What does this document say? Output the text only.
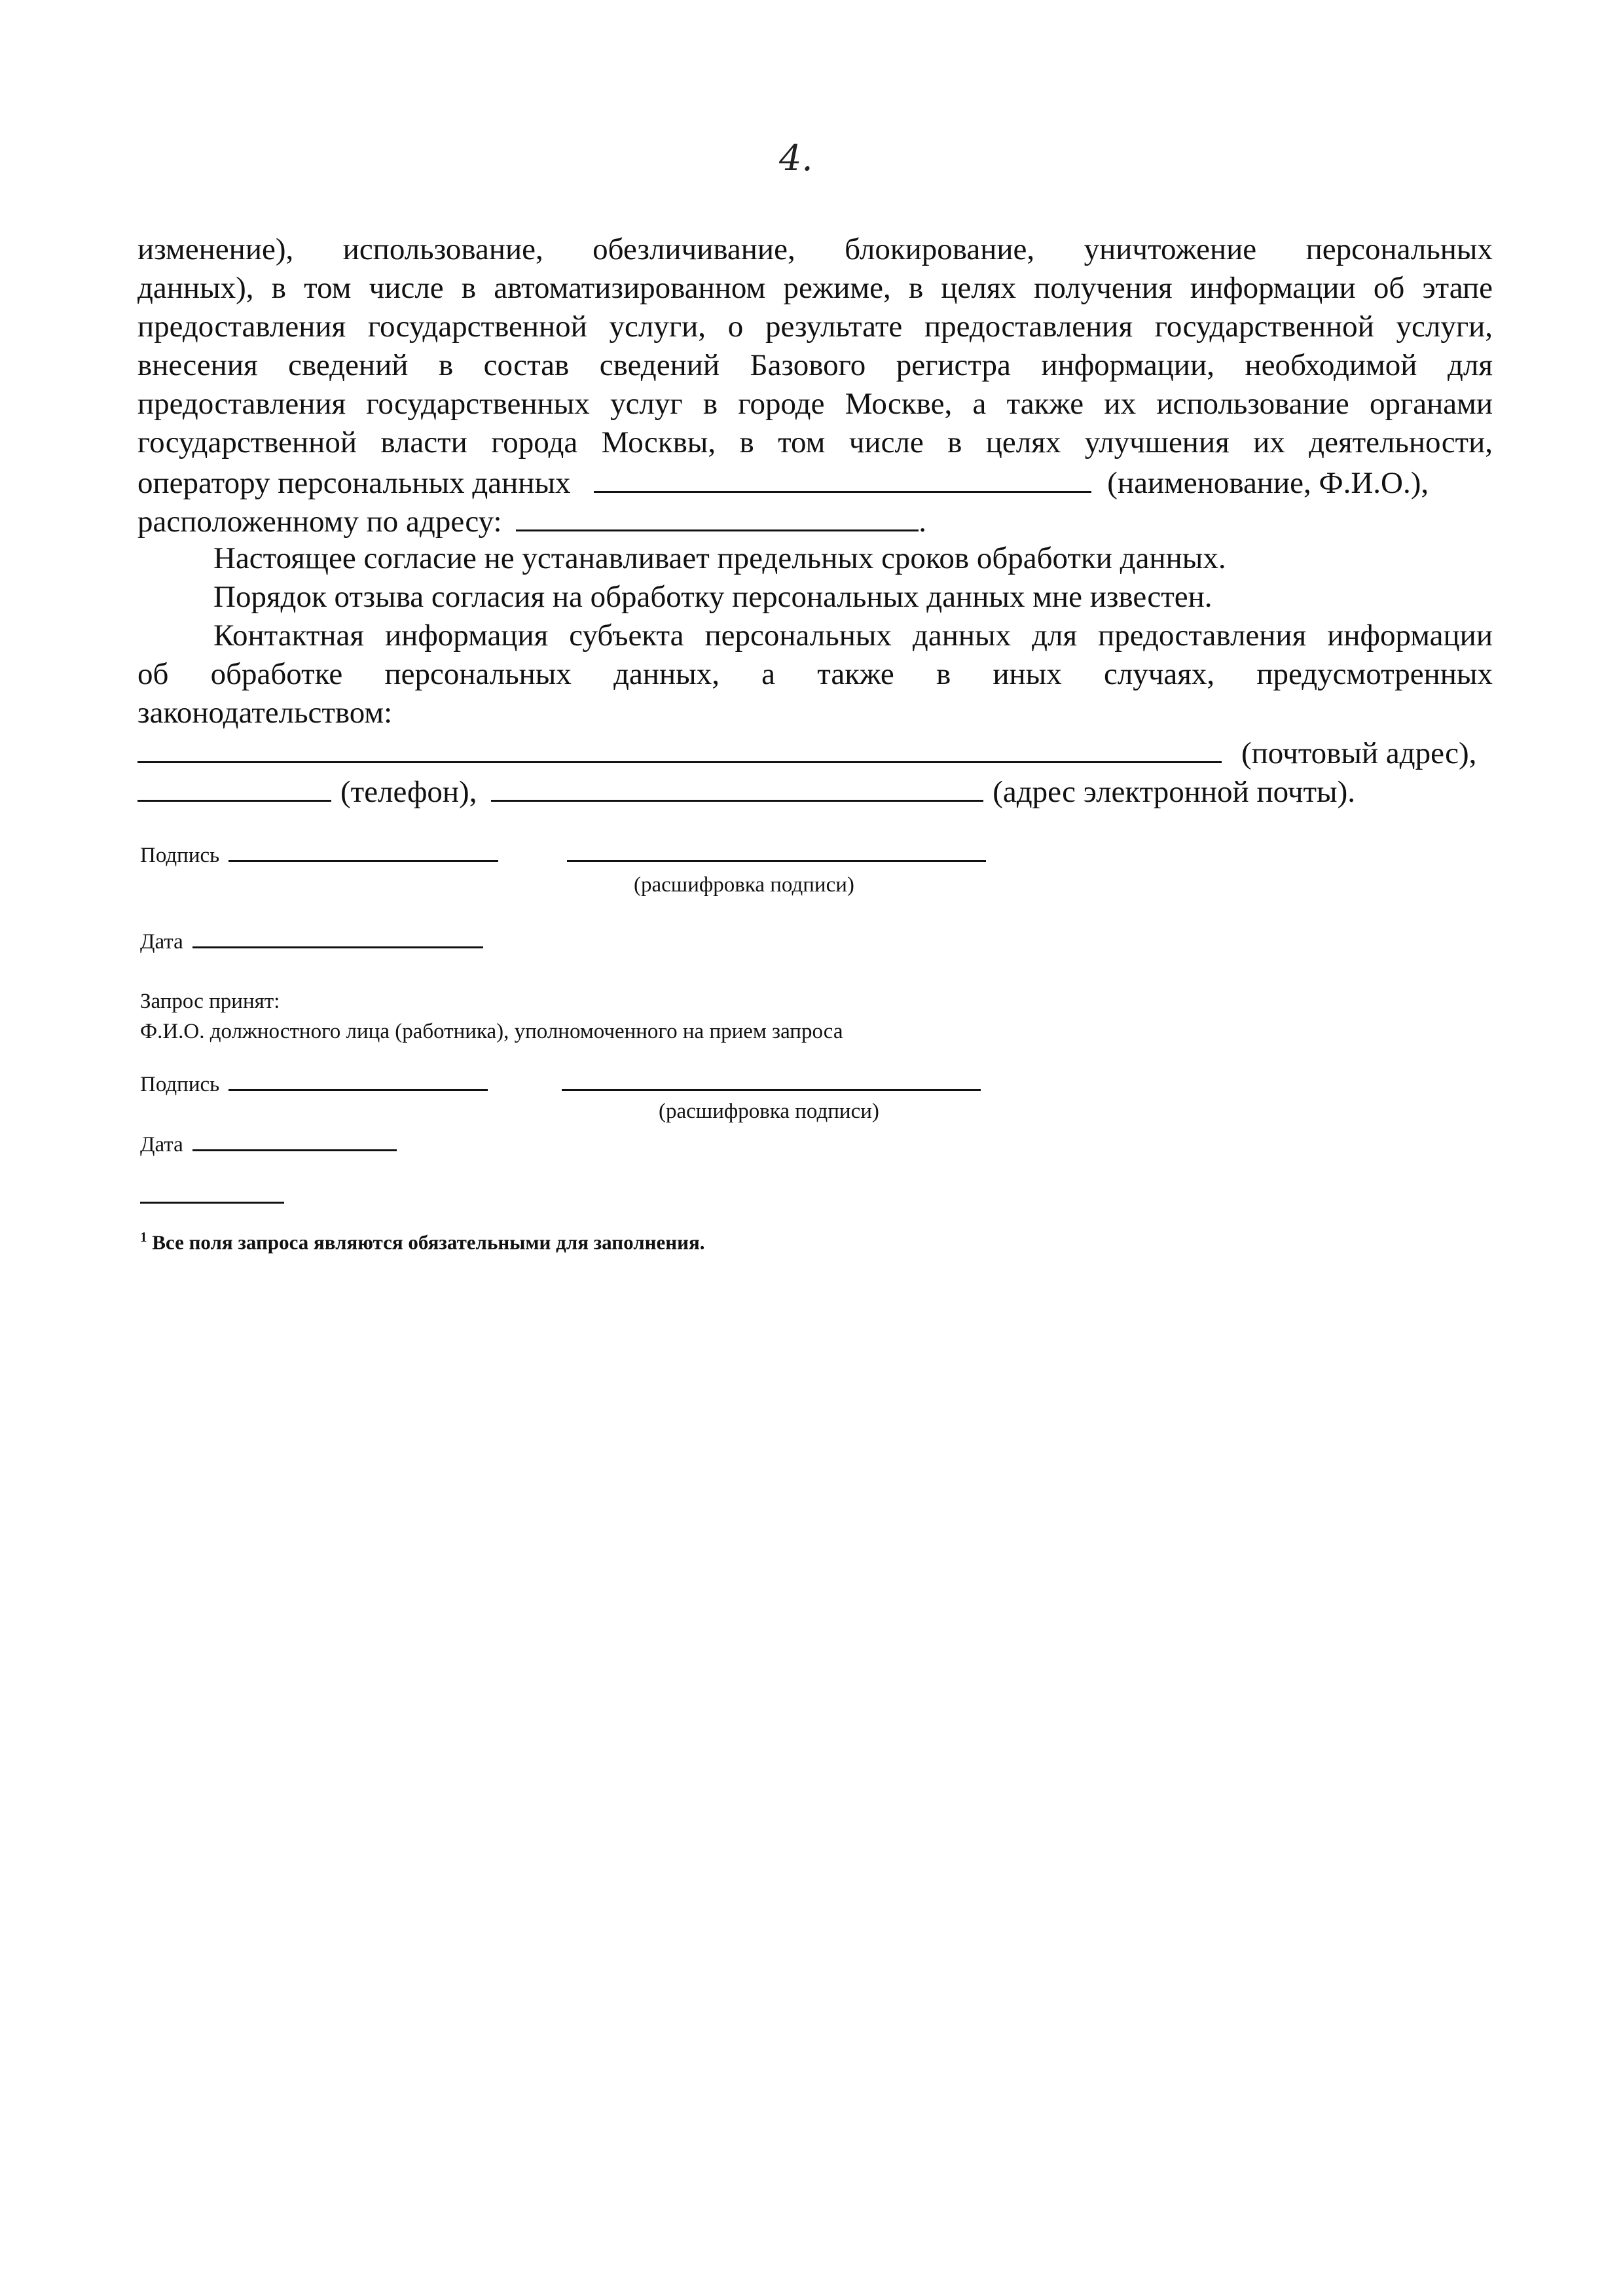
4.
изменение), использование, обезличивание, блокирование, уничтожение персональных
данных), в том числе в автоматизированном режиме, в целях получения информации об этапе
предоставления государственной услуги, о результате предоставления государственной услуги,
внесения сведений в состав сведений Базового регистра информации, необходимой для
предоставления государственных услуг в городе Москве, а также их использование органами
государственной власти города Москвы, в том числе в целях улучшения их деятельности,
оператору персональных данных	(наименование, Ф.И.О.),
расположенному по адресу:	.
Настоящее согласие не устанавливает предельных сроков обработки данных.
Порядок отзыва согласия на обработку персональных данных мне известен.
Контактная информация субъекта персональных данных для предоставления информации
об обработке персональных данных, а также в иных случаях, предусмотренных
законодательством:
(почтовый адрес),
(телефон),	(адрес электронной почты).
Подпись
(расшифровка подписи)
Дата
Запрос принят:
Ф.И.О. должностного лица (работника), уполномоченного на прием запроса
Подпись
(расшифровка подписи)
Дата
$^1$ Все поля запроса являются обязательными для заполнения.
